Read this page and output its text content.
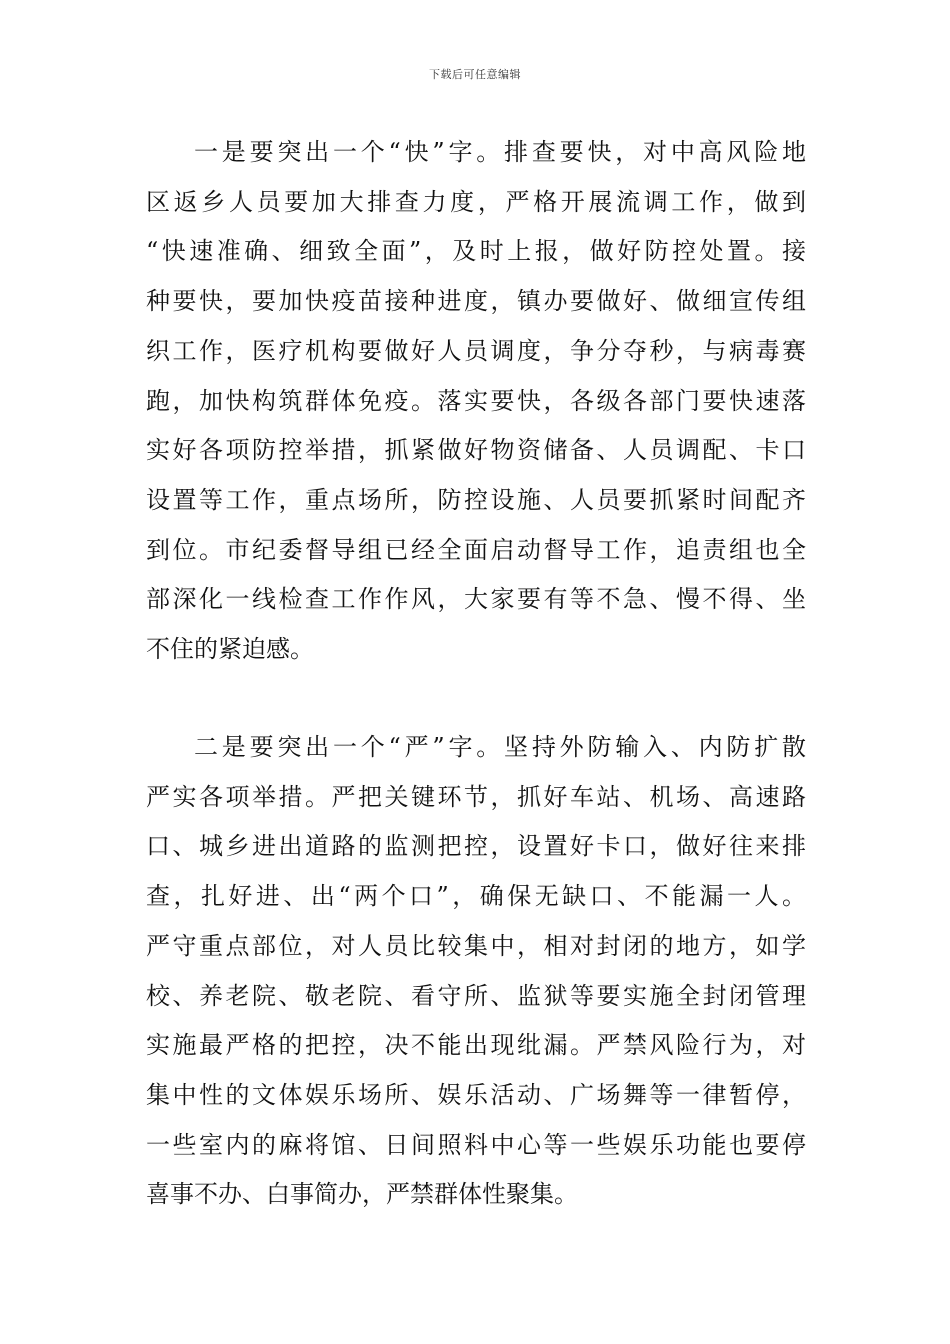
下载后可任意编辑
一是要突出一个“快”字。排查要快，对中高风险地
区返乡人员要加大排查力度，严格开展流调工作，做到
“快速准确、细致全面”，及时上报，做好防控处置。接
种要快，要加快疫苗接种进度，镇办要做好、做细宣传组
织工作，医疗机构要做好人员调度，争分夺秒，与病毒赛
跑，加快构筑群体免疫。落实要快，各级各部门要快速落
实好各项防控举措，抓紧做好物资储备、人员调配、卡口
设置等工作，重点场所，防控设施、人员要抓紧时间配齐
到位。市纪委督导组已经全面启动督导工作，追责组也全
部深化一线检查工作作风，大家要有等不急、慢不得、坐
不住的紧迫感。
二是要突出一个“严”字。坚持外防输入、内防扩散
严实各项举措。严把关键环节，抓好车站、机场、高速路
口、城乡进出道路的监测把控，设置好卡口，做好往来排
查，扎好进、出“两个口”，确保无缺口、不能漏一人。
严守重点部位，对人员比较集中，相对封闭的地方，如学
校、养老院、敬老院、看守所、监狱等要实施全封闭管理
实施最严格的把控，决不能出现纰漏。严禁风险行为，对
集中性的文体娱乐场所、娱乐活动、广场舞等一律暂停，
一些室内的麻将馆、日间照料中心等一些娱乐功能也要停
喜事不办、白事简办，严禁群体性聚集。
